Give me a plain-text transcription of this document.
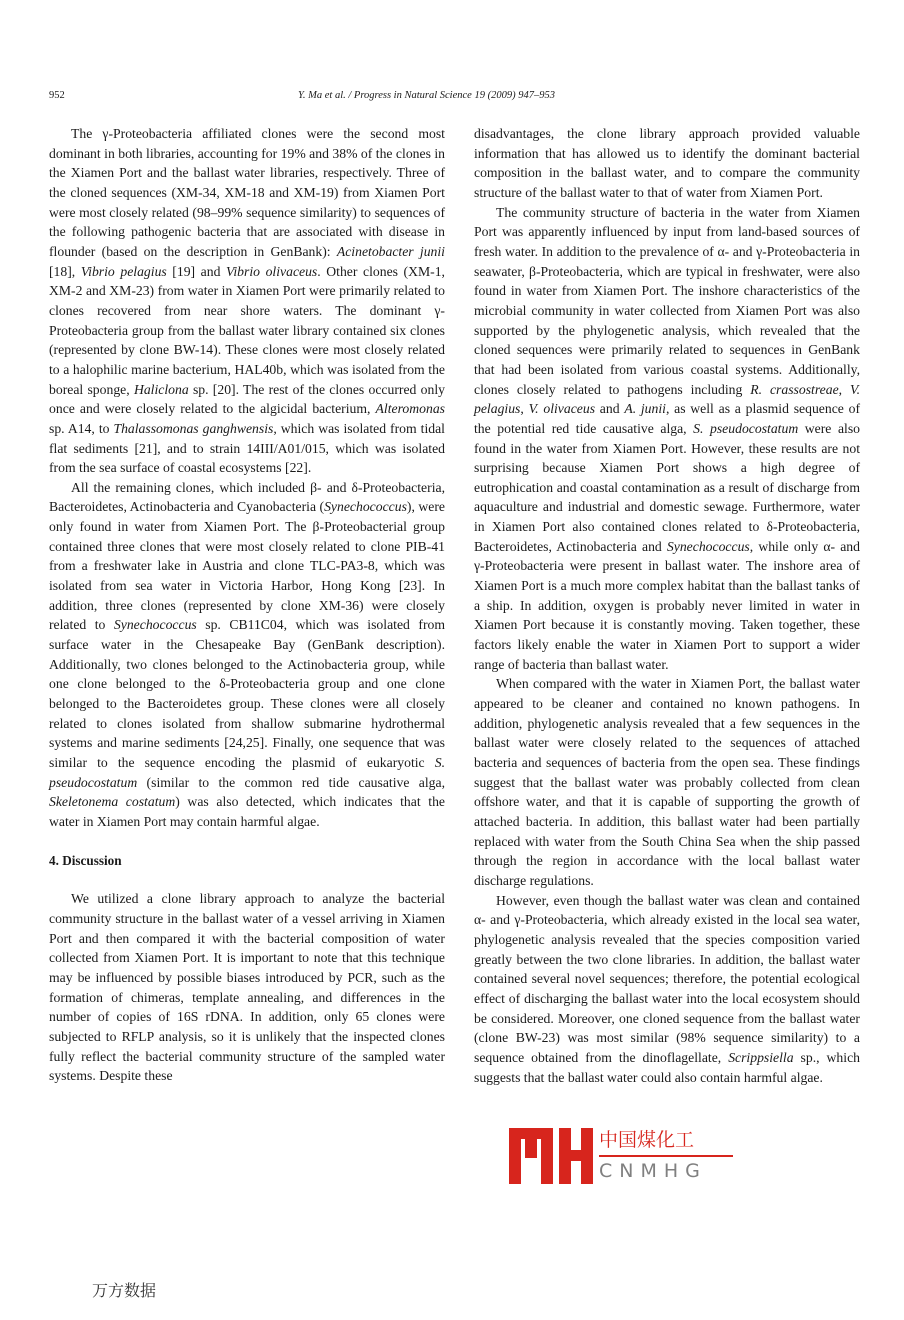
952	Y. Ma et al. / Progress in Natural Science 19 (2009) 947–953

The γ-Proteobacteria affiliated clones were the second most dominant in both libraries, accounting for 19% and 38% of the clones in the Xiamen Port and the ballast water libraries, respectively. Three of the cloned sequences (XM-34, XM-18 and XM-19) from Xiamen Port were most closely related (98–99% sequence similarity) to sequences of the following pathogenic bacteria that are associated with disease in flounder (based on the description in GenBank): Acinetobacter junii [18], Vibrio pelagius [19] and Vibrio olivaceus. Other clones (XM-1, XM-2 and XM-23) from water in Xiamen Port were primarily related to clones recovered from near shore waters. The dominant γ-Proteobacteria group from the ballast water library contained six clones (represented by clone BW-14). These clones were most closely related to a halophilic marine bacterium, HAL40b, which was isolated from the boreal sponge, Haliclona sp. [20]. The rest of the clones occurred only once and were closely related to the algicidal bacterium, Alteromonas sp. A14, to Thalassomonas ganghwensis, which was isolated from tidal flat sediments [21], and to strain 14III/A01/015, which was isolated from the sea surface of coastal ecosystems [22].

All the remaining clones, which included β- and δ-Proteobacteria, Bacteroidetes, Actinobacteria and Cyanobacteria (Synechococcus), were only found in water from Xiamen Port. The β-Proteobacterial group contained three clones that were most closely related to clone PIB-41 from a freshwater lake in Austria and clone TLC-PA3-8, which was isolated from sea water in Victoria Harbor, Hong Kong [23]. In addition, three clones (represented by clone XM-36) were closely related to Synechococcus sp. CB11C04, which was isolated from surface water in the Chesapeake Bay (GenBank description). Additionally, two clones belonged to the Actinobacteria group, while one clone belonged to the δ-Proteobacteria group and one clone belonged to the Bacteroidetes group. These clones were all closely related to clones isolated from shallow submarine hydrothermal systems and marine sediments [24,25]. Finally, one sequence that was similar to the sequence encoding the plasmid of eukaryotic S. pseudocostatum (similar to the common red tide causative alga, Skeletonema costatum) was also detected, which indicates that the water in Xiamen Port may contain harmful algae.

4. Discussion

We utilized a clone library approach to analyze the bacterial community structure in the ballast water of a vessel arriving in Xiamen Port and then compared it with the bacterial composition of water collected from Xiamen Port. It is important to note that this technique may be influenced by possible biases introduced by PCR, such as the formation of chimeras, template annealing, and differences in the number of copies of 16S rDNA. In addition, only 65 clones were subjected to RFLP analysis, so it is unlikely that the inspected clones fully reflect the bacterial community structure of the sampled water systems. Despite these

disadvantages, the clone library approach provided valuable information that has allowed us to identify the dominant bacterial composition in the ballast water, and to compare the community structure of the ballast water to that of water from Xiamen Port.

The community structure of bacteria in the water from Xiamen Port was apparently influenced by input from land-based sources of fresh water. In addition to the prevalence of α- and γ-Proteobacteria in seawater, β-Proteobacteria, which are typical in freshwater, were also found in water from Xiamen Port. The inshore characteristics of the microbial community in water collected from Xiamen Port was also supported by the phylogenetic analysis, which revealed that the cloned sequences were primarily related to sequences in GenBank that had been isolated from various coastal systems. Additionally, clones closely related to pathogens including R. crassostreae, V. pelagius, V. olivaceus and A. junii, as well as a plasmid sequence of the potential red tide causative alga, S. pseudocostatum were also found in the water from Xiamen Port. However, these results are not surprising because Xiamen Port shows a high degree of eutrophication and coastal contamination as a result of discharge from aquaculture and industrial and domestic sewage. Furthermore, water in Xiamen Port also contained clones related to δ-Proteobacteria, Bacteroidetes, Actinobacteria and Synechococcus, while only α- and γ-Proteobacteria were present in ballast water. The inshore area of Xiamen Port is a much more complex habitat than the ballast tanks of a ship. In addition, oxygen is probably never limited in water in Xiamen Port because it is constantly moving. Taken together, these factors likely enable the water in Xiamen Port to support a wider range of bacteria than ballast water.

When compared with the water in Xiamen Port, the ballast water appeared to be cleaner and contained no known pathogens. In addition, phylogenetic analysis revealed that a few sequences in the ballast water were closely related to the sequences of attached bacteria and sequences of bacteria from the open sea. These findings suggest that the ballast water was probably collected from clean offshore water, and that it is capable of supporting the growth of attached bacteria. In addition, this ballast water had been partially replaced with water from the South China Sea when the ship passed through the region in accordance with the local ballast water discharge regulations.

However, even though the ballast water was clean and contained α- and γ-Proteobacteria, which already existed in the local sea water, phylogenetic analysis revealed that the species composition varied greatly between the two clone libraries. In addition, the ballast water contained several novel sequences; therefore, the potential ecological effect of discharging the ballast water into the local ecosystem should be considered. Moreover, one cloned sequence from the ballast water (clone BW-23) was most similar (98% sequence similarity) to a sequence obtained from the dinoflagellate, Scrippsiella sp., which suggests that the ballast water could also contain harmful algae.

中国煤化工
CNMHG
万方数据
